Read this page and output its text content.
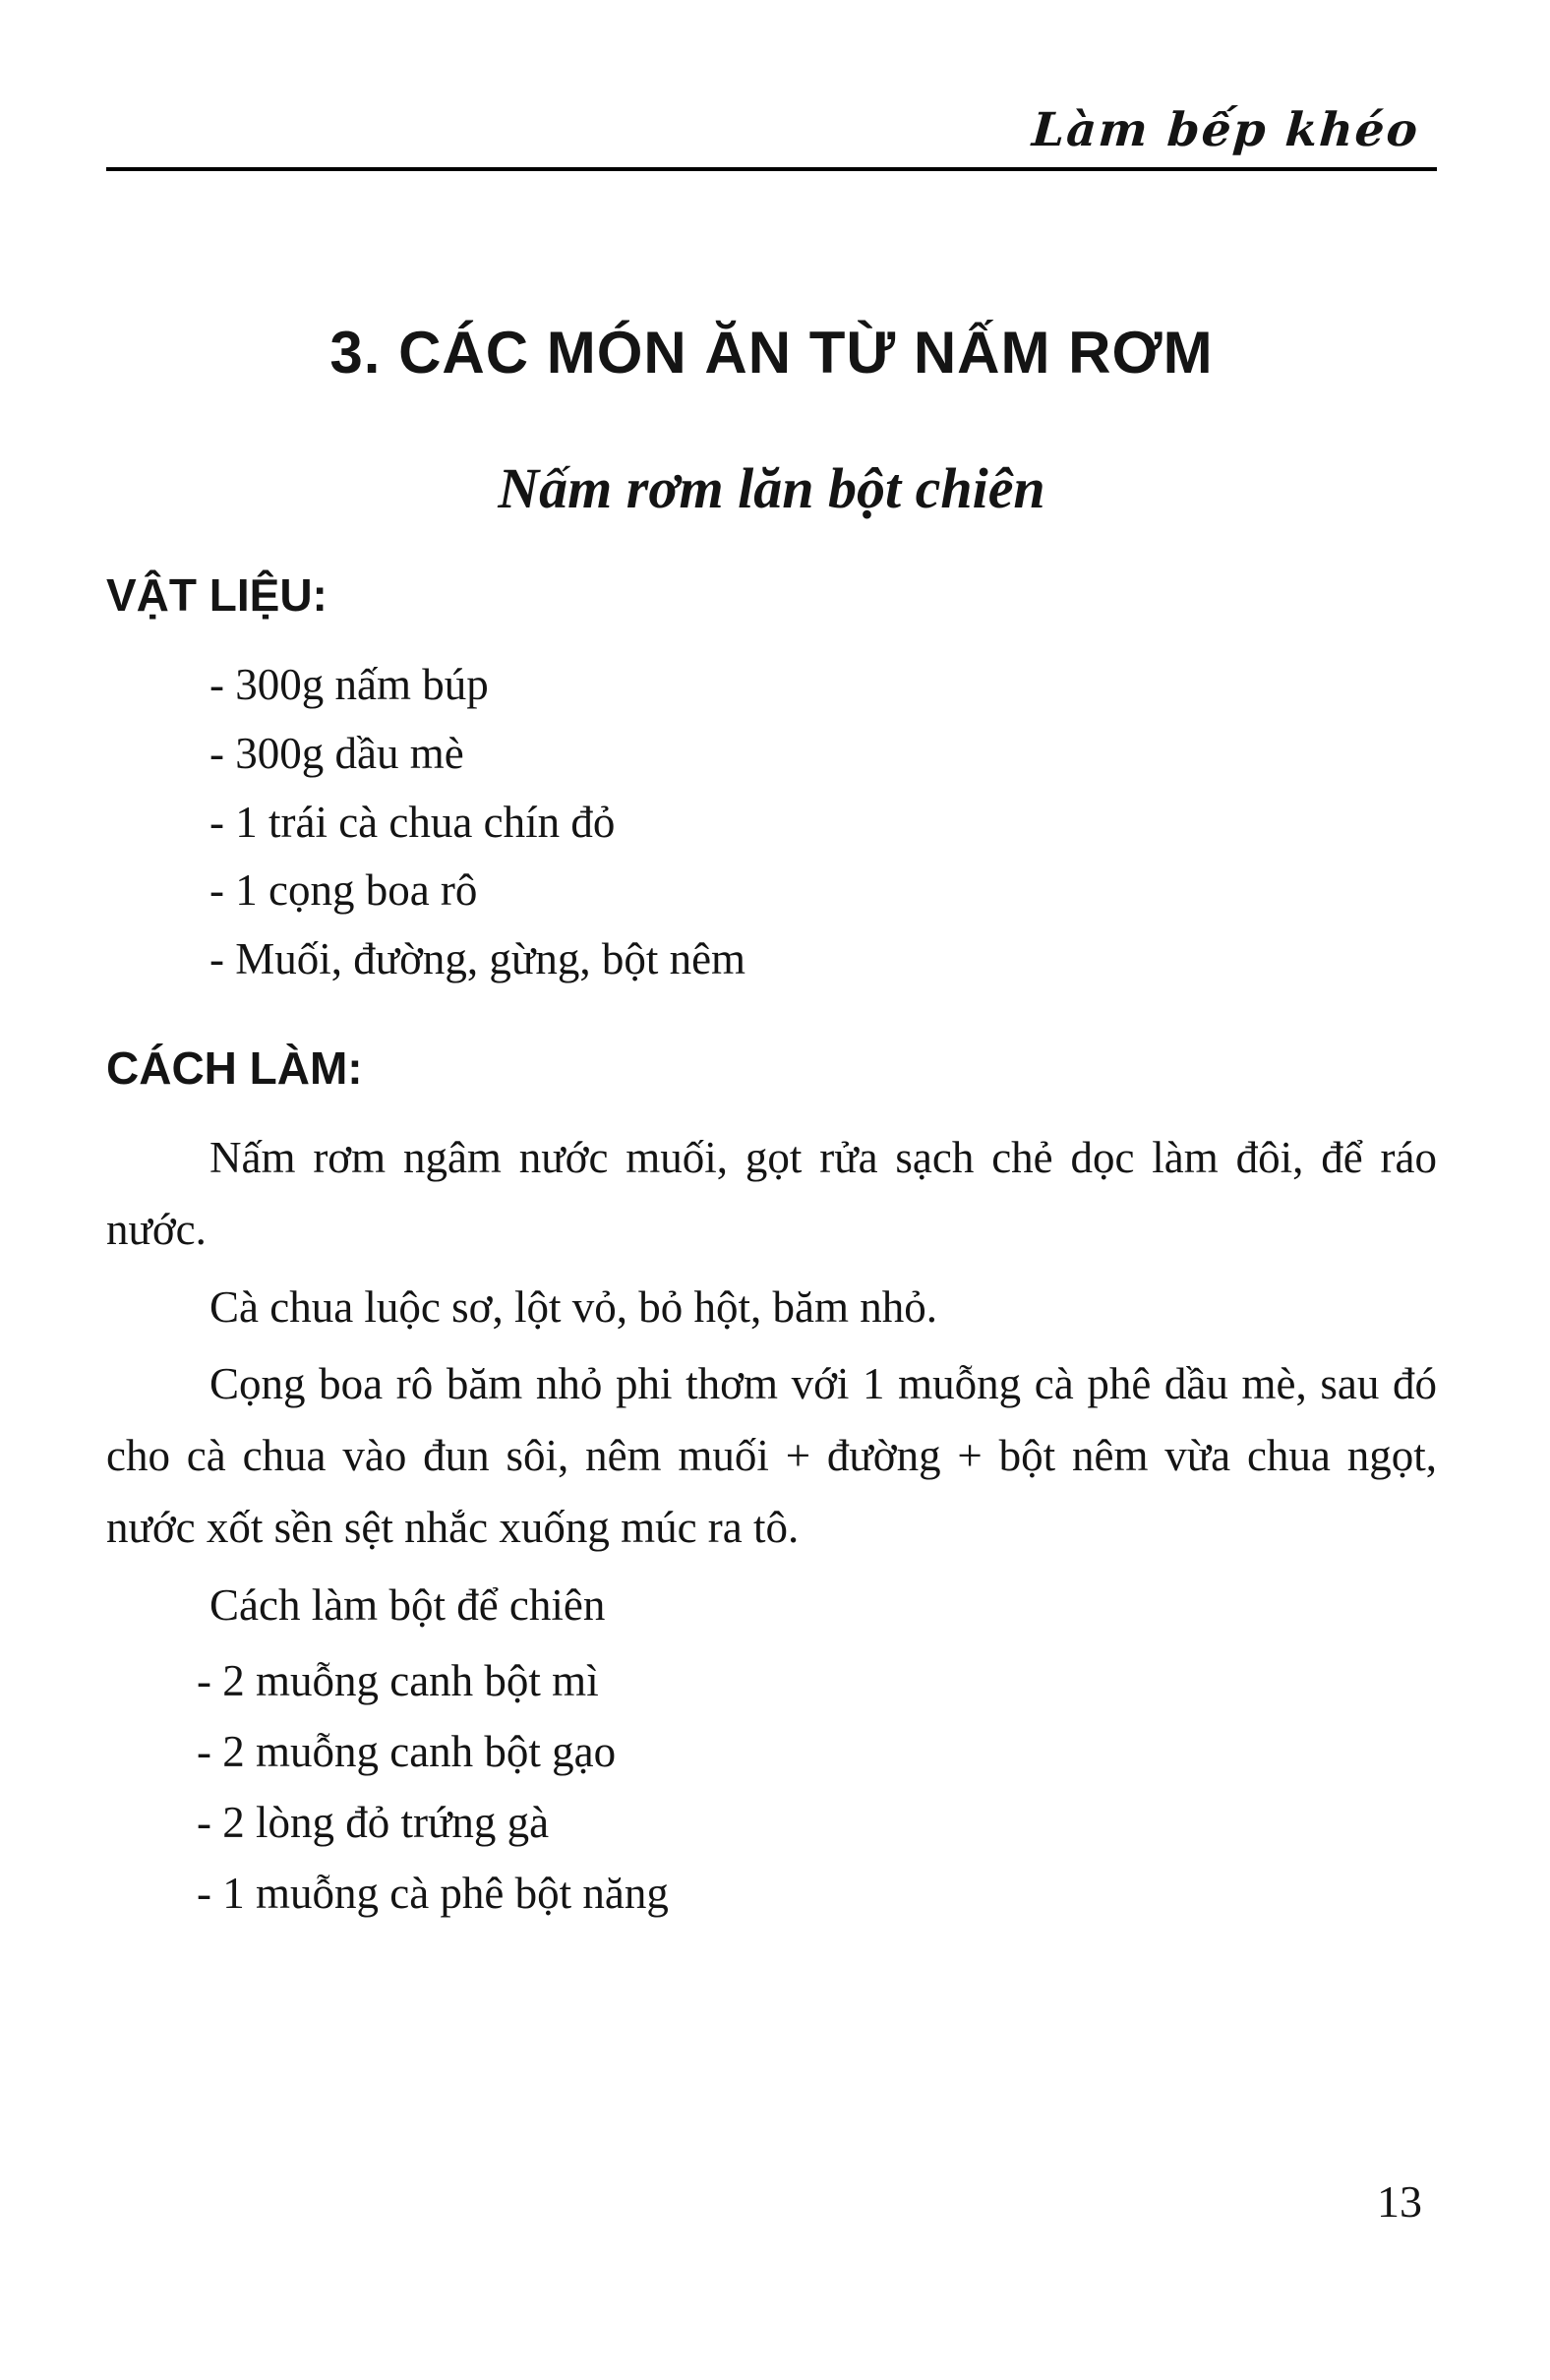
Làm bếp khéo
3. CÁC MÓN ĂN TỪ NẤM RƠM
Nấm rơm lăn bột chiên
VẬT LIỆU:
- 300g nấm búp
- 300g dầu mè
- 1 trái cà chua chín đỏ
- 1 cọng boa rô
- Muối, đường, gừng, bột nêm
CÁCH LÀM:

Nấm rơm ngâm nước muối, gọt rửa sạch chẻ dọc làm đôi, để ráo nước.

Cà chua luộc sơ, lột vỏ, bỏ hột, băm nhỏ.

Cọng boa rô băm nhỏ phi thơm với 1 muỗng cà phê dầu mè, sau đó cho cà chua vào đun sôi, nêm muối + đường + bột nêm vừa chua ngọt, nước xốt sền sệt nhắc xuống múc ra tô.

Cách làm bột để chiên

- 2 muỗng canh bột mì
- 2 muỗng canh bột gạo
- 2 lòng đỏ trứng gà
- 1 muỗng cà phê bột năng
13
